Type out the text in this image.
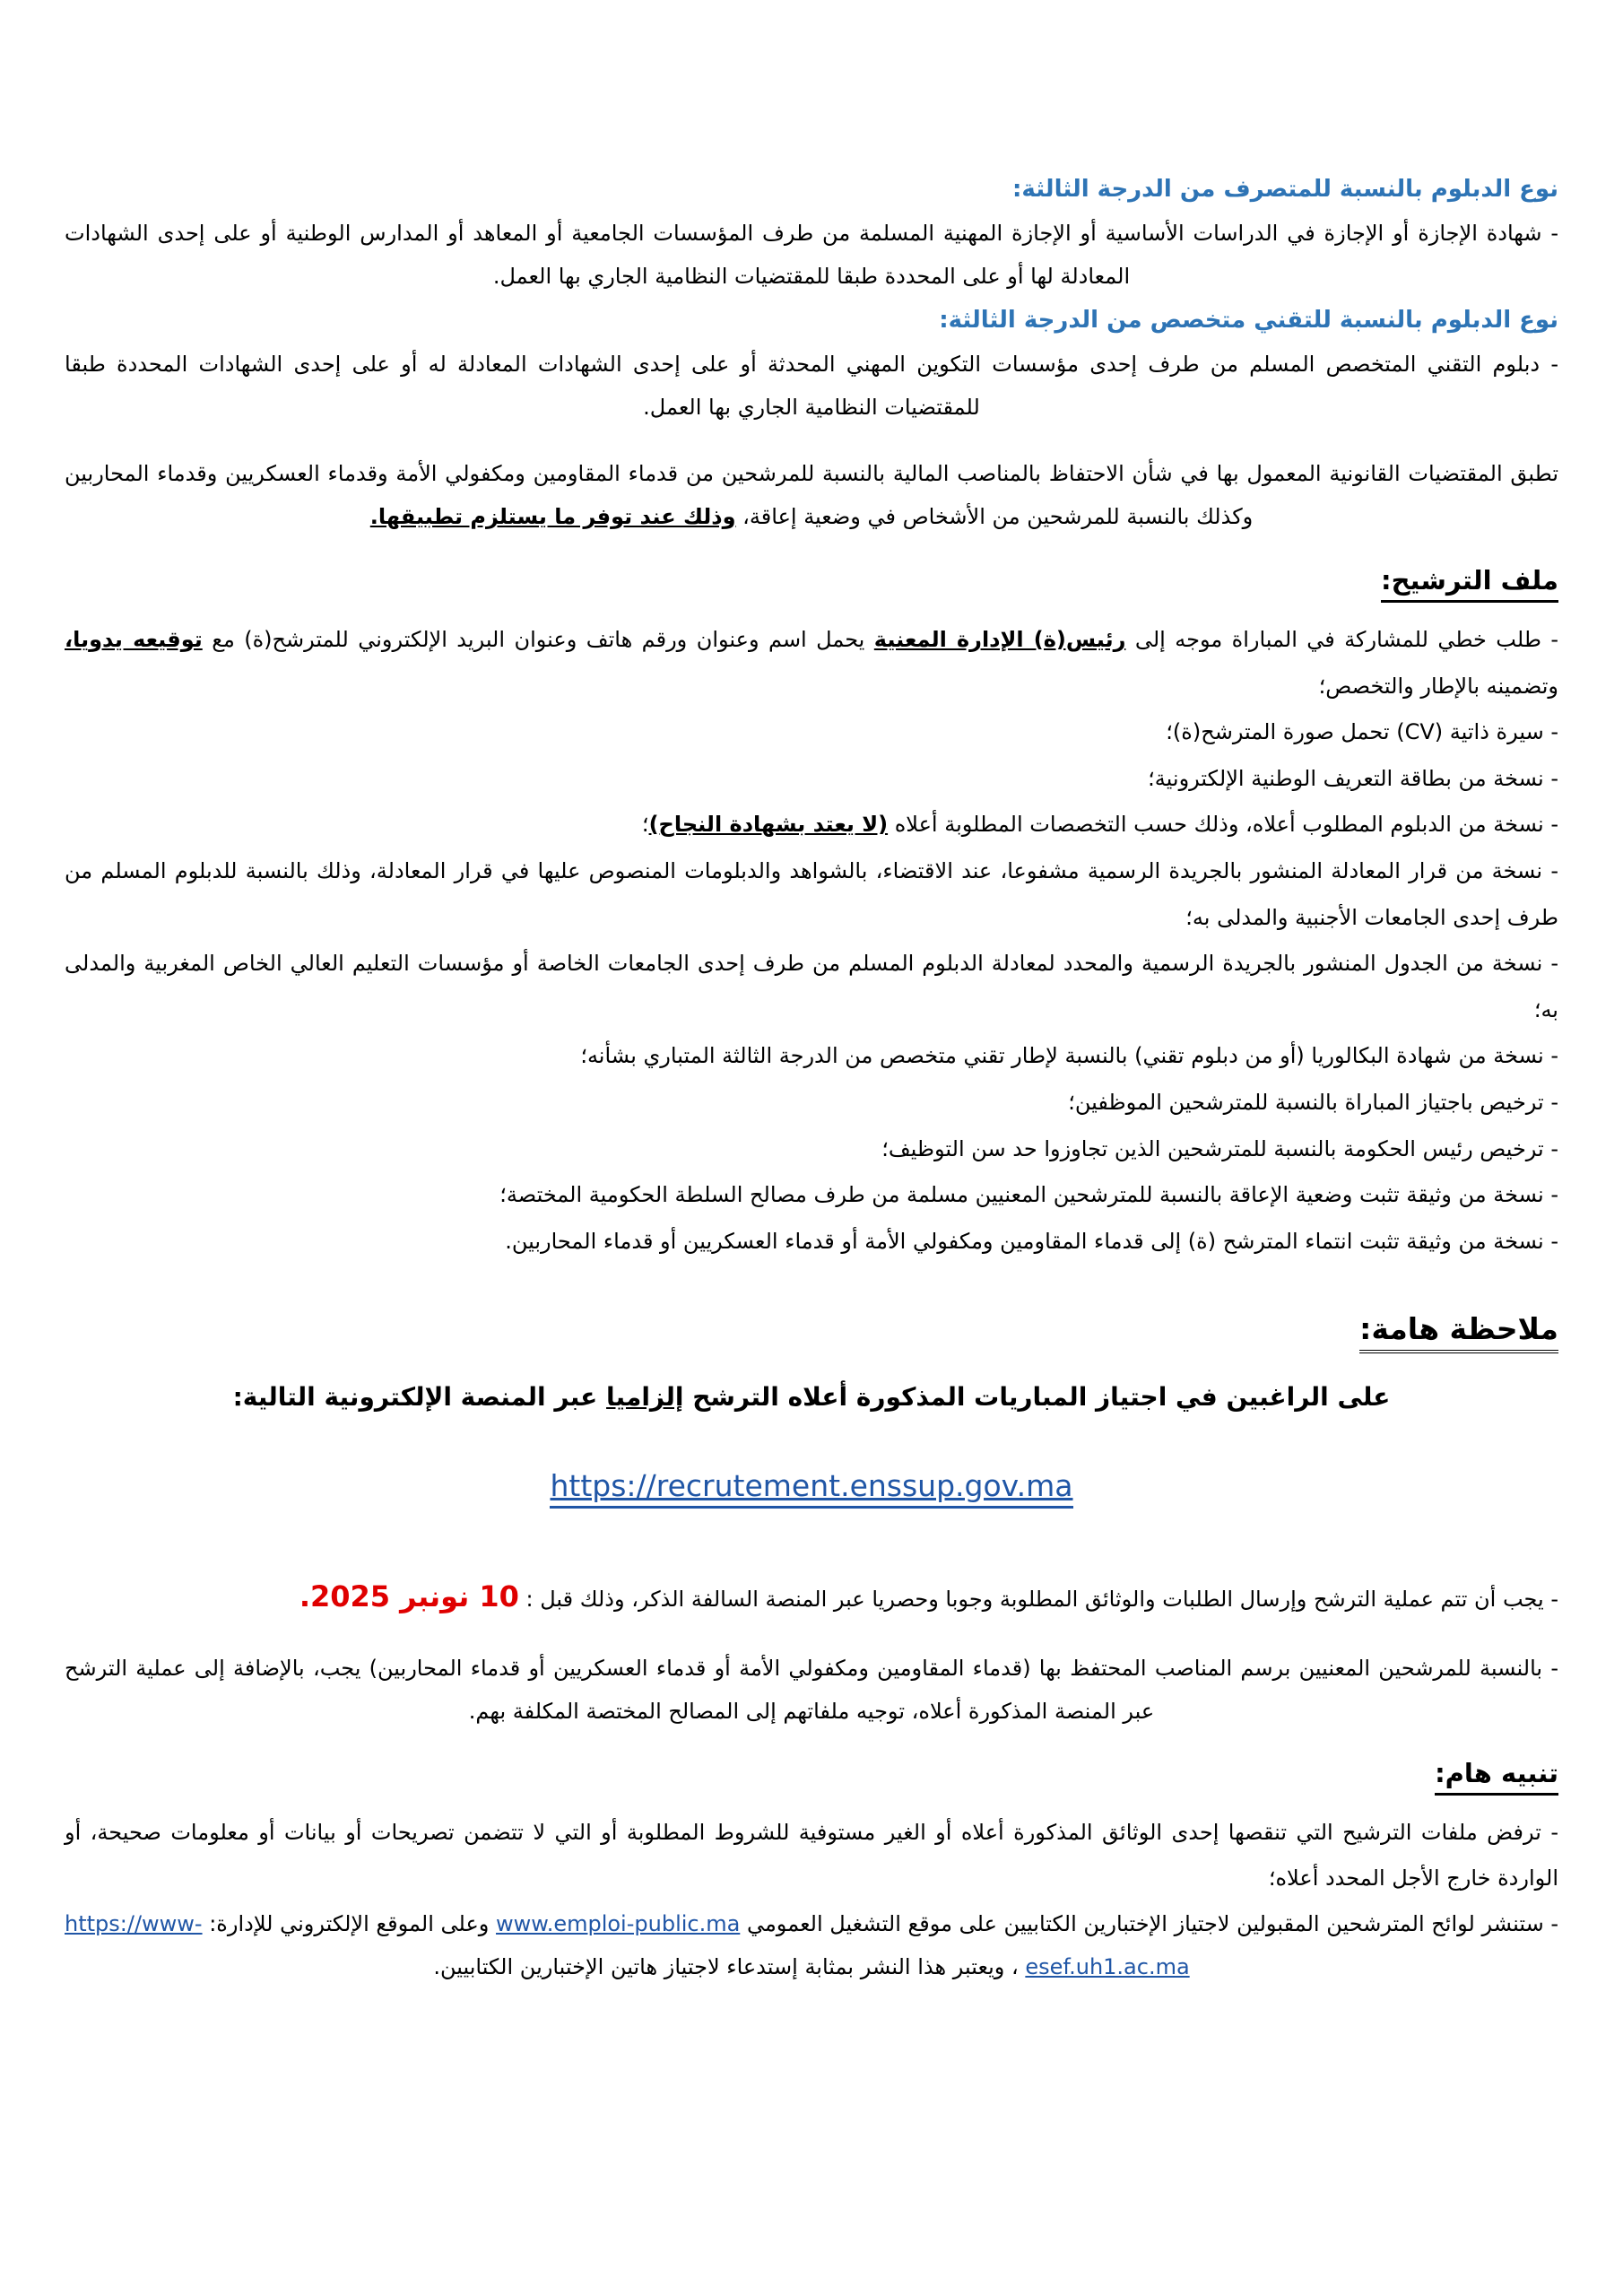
نوع الدبلوم بالنسبة للمتصرف من الدرجة الثالثة:

- شهادة الإجازة أو الإجازة في الدراسات الأساسية أو الإجازة المهنية المسلمة من طرف المؤسسات الجامعية أو المعاهد أو المدارس الوطنية أو على إحدى الشهادات المعادلة لها أو على المحددة طبقا للمقتضيات النظامية الجاري بها العمل.

نوع الدبلوم بالنسبة للتقني متخصص من الدرجة الثالثة:

- دبلوم التقني المتخصص المسلم من طرف إحدى مؤسسات التكوين المهني المحدثة أو على إحدى الشهادات المعادلة له أو على إحدى الشهادات المحددة طبقا للمقتضيات النظامية الجاري بها العمل.

تطبق المقتضيات القانونية المعمول بها في شأن الاحتفاظ بالمناصب المالية بالنسبة للمرشحين من قدماء المقاومين ومكفولي الأمة وقدماء العسكريين وقدماء المحاربين وكذلك بالنسبة للمرشحين من الأشخاص في وضعية إعاقة، وذلك عند توفر ما يستلزم تطبيقها.

ملف الترشيح:

- طلب خطي للمشاركة في المباراة موجه إلى رئيس(ة) الإدارة المعنية يحمل اسم وعنوان ورقم هاتف وعنوان البريد الإلكتروني للمترشح(ة) مع توقيعه يدويا، وتضمينه بالإطار والتخصص؛

- سيرة ذاتية (CV) تحمل صورة المترشح(ة)؛

- نسخة من بطاقة التعريف الوطنية الإلكترونية؛

- نسخة من الدبلوم المطلوب أعلاه، وذلك حسب التخصصات المطلوبة أعلاه (لا يعتد بشهادة النجاح)؛

- نسخة من قرار المعادلة المنشور بالجريدة الرسمية مشفوعا، عند الاقتضاء، بالشواهد والدبلومات المنصوص عليها في قرار المعادلة، وذلك بالنسبة للدبلوم المسلم من طرف إحدى الجامعات الأجنبية والمدلى به؛

- نسخة من الجدول المنشور بالجريدة الرسمية والمحدد لمعادلة الدبلوم المسلم من طرف إحدى الجامعات الخاصة أو مؤسسات التعليم العالي الخاص المغربية والمدلى به؛

- نسخة من شهادة البكالوريا (أو من دبلوم تقني) بالنسبة لإطار تقني متخصص من الدرجة الثالثة المتباري بشأنه؛

- ترخيص باجتياز المباراة بالنسبة للمترشحين الموظفين؛

- ترخيص رئيس الحكومة بالنسبة للمترشحين الذين تجاوزوا حد سن التوظيف؛

- نسخة من وثيقة تثبت وضعية الإعاقة بالنسبة للمترشحين المعنيين مسلمة من طرف مصالح السلطة الحكومية المختصة؛

- نسخة من وثيقة تثبت انتماء المترشح (ة) إلى قدماء المقاومين ومكفولي الأمة أو قدماء العسكريين أو قدماء المحاربين.

ملاحظة هامة:

على الراغبين في اجتياز المباريات المذكورة أعلاه الترشح إلزاميا عبر المنصة الإلكترونية التالية:

https://recrutement.enssup.gov.ma

- يجب أن تتم عملية الترشح وإرسال الطلبات والوثائق المطلوبة وجوبا وحصريا عبر المنصة السالفة الذكر، وذلك قبل : 10 نونبر 2025.

- بالنسبة للمرشحين المعنيين برسم المناصب المحتفظ بها (قدماء المقاومين ومكفولي الأمة أو قدماء العسكريين أو قدماء المحاربين) يجب، بالإضافة إلى عملية الترشح عبر المنصة المذكورة أعلاه، توجيه ملفاتهم إلى المصالح المختصة المكلفة بهم.

تنبيه هام:

- ترفض ملفات الترشيح التي تنقصها إحدى الوثائق المذكورة أعلاه أو الغير مستوفية للشروط المطلوبة أو التي لا تتضمن تصريحات أو بيانات أو معلومات صحيحة، أو الواردة خارج الأجل المحدد أعلاه؛

- ستنشر لوائح المترشحين المقبولين لاجتياز الإختبارين الكتابيين على موقع التشغيل العمومي www.emploi-public.ma وعلى الموقع الإلكتروني للإدارة: https://www-esef.uh1.ac.ma ، ويعتبر هذا النشر بمثابة إستدعاء لاجتياز هاتين الإختبارين الكتابيين.
